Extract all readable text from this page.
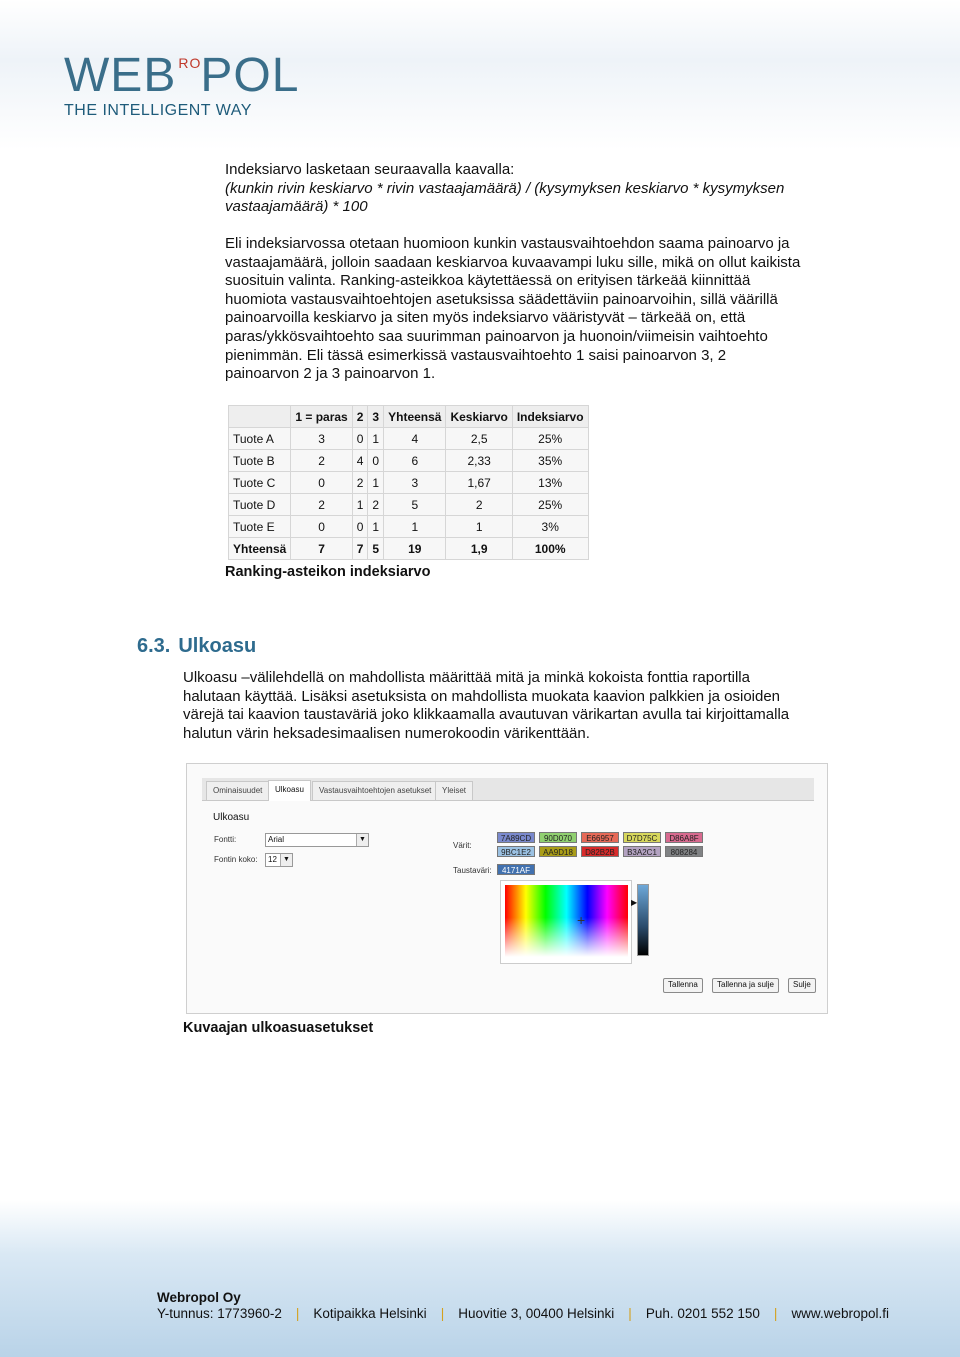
WEB ROPOL
THE INTELLIGENT WAY
Indeksiarvo lasketaan seuraavalla kaavalla:
(kunkin rivin keskiarvo * rivin vastaajamäärä) / (kysymyksen keskiarvo * kysymyksen
vastaajamäärä) * 100
Eli indeksiarvossa otetaan huomioon kunkin vastausvaihtoehdon saama painoarvo ja
vastaajamäärä, jolloin saadaan keskiarvoa kuvaavampi luku sille, mikä on ollut kaikista
suosituin valinta. Ranking-asteikkoa käytettäessä on erityisen tärkeää kiinnittää
huomiota vastausvaihtoehtojen asetuksissa säädettäviin painoarvoihin, sillä väärillä
painoarvoilla keskiarvo ja siten myös indeksiarvo vääristyvät – tärkeää on, että
paras/ykkösvaihtoehto saa suurimman painoarvon ja huonoin/viimeisin vaihtoehto
pienimmän. Eli tässä esimerkissä vastausvaihtoehto 1 saisi painoarvon 3, 2
painoarvon 2 ja 3 painoarvon 1.
	1 = paras	2	3	Yhteensä	Keskiarvo	Indeksiarvo
Tuote A	3	0	1	4	2,5	25%
Tuote B	2	4	0	6	2,33	35%
Tuote C	0	2	1	3	1,67	13%
Tuote D	2	1	2	5	2	25%
Tuote E	0	0	1	1	1	3%
Yhteensä	7	7	5	19	1,9	100%
Ranking-asteikon indeksiarvo
6.3. Ulkoasu
Ulkoasu –välilehdellä on mahdollista määrittää mitä ja minkä kokoista fonttia raportilla
halutaan käyttää. Lisäksi asetuksista on mahdollista muokata kaavion palkkien ja osioiden
värejä tai kaavion taustaväriä joko klikkaamalla avautuvan värikartan avulla tai kirjoittamalla
halutun värin heksadesimaalisen numerokoodin värikenttään.
Ominaisuudet	Ulkoasu	Vastausvaihtoehtojen asetukset	Yleiset
Ulkoasu
Fontti:	Arial	▼
Fontin koko:	12 ▼
Värit:
7A89CD	90D070	E66957	D7D75C	D86A8F
9BC1E2	AA9D18	D82B2B	B3A2C1	808284
Taustaväri:	4171AF
+
▶
Tallenna	Tallenna ja sulje	Sulje
Kuvaajan ulkoasuasetukset
Webropol Oy
Y-tunnus: 1773960-2 | Kotipaikka Helsinki | Huovitie 3, 00400 Helsinki | Puh. 0201 552 150 | www.webropol.fi
